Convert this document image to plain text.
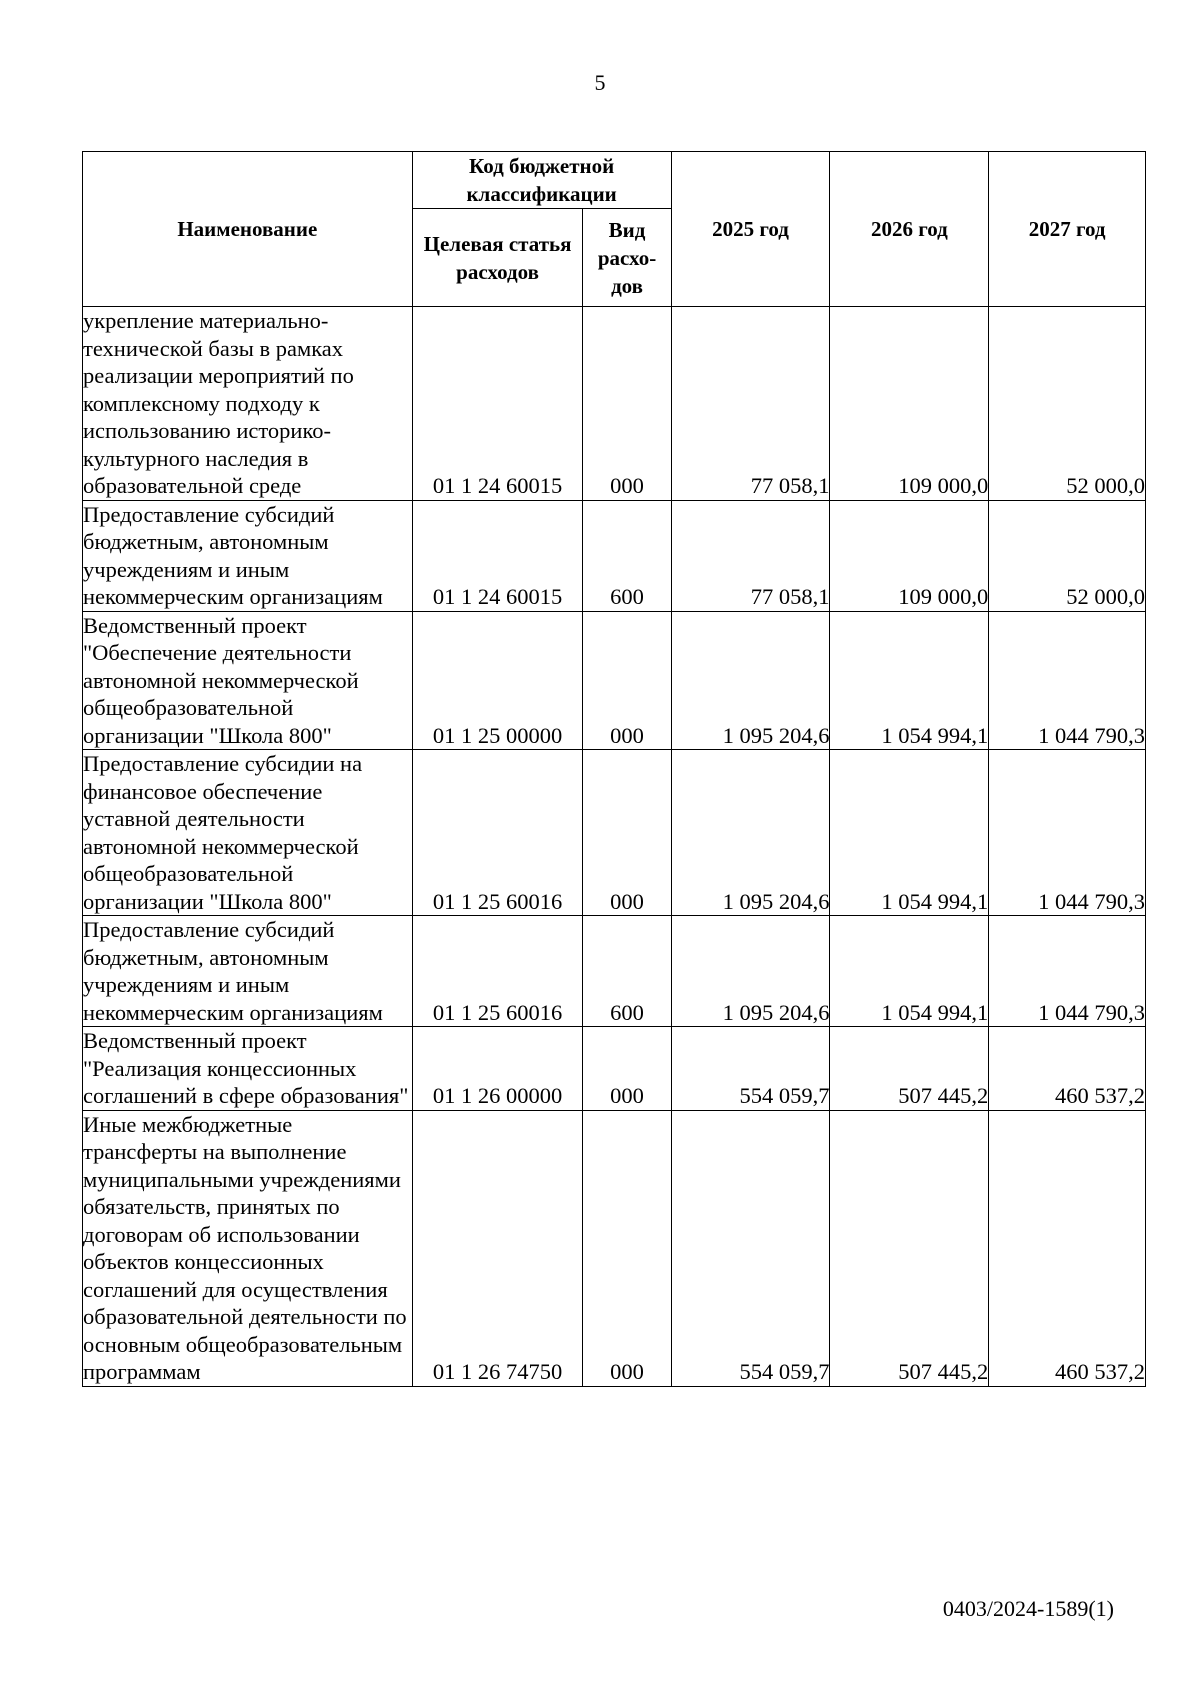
5
Наименование	Код бюджетной классификации		2025 год	2026 год	2027 год
	Целевая статья расходов	Вид расхо-дов			
укрепление материально-технической базы в рамках реализации мероприятий по комплексному подходу к использованию историко-культурного наследия в образовательной среде	01 1 24 60015	000	77 058,1	109 000,0	52 000,0
Предоставление субсидий бюджетным, автономным учреждениям и иным некоммерческим организациям	01 1 24 60015	600	77 058,1	109 000,0	52 000,0
Ведомственный проект "Обеспечение деятельности автономной некоммерческой общеобразовательной организации "Школа 800"	01 1 25 00000	000	1 095 204,6	1 054 994,1	1 044 790,3
Предоставление субсидии на финансовое обеспечение уставной деятельности автономной некоммерческой общеобразовательной организации "Школа 800"	01 1 25 60016	000	1 095 204,6	1 054 994,1	1 044 790,3
Предоставление субсидий бюджетным, автономным учреждениям и иным некоммерческим организациям	01 1 25 60016	600	1 095 204,6	1 054 994,1	1 044 790,3
Ведомственный проект "Реализация концессионных соглашений в сфере образования"	01 1 26 00000	000	554 059,7	507 445,2	460 537,2
Иные межбюджетные трансферты на выполнение муниципальными учреждениями обязательств, принятых по договорам об использовании объектов концессионных соглашений для осуществления образовательной деятельности по основным общеобразовательным программам	01 1 26 74750	000	554 059,7	507 445,2	460 537,2
0403/2024-1589(1)
